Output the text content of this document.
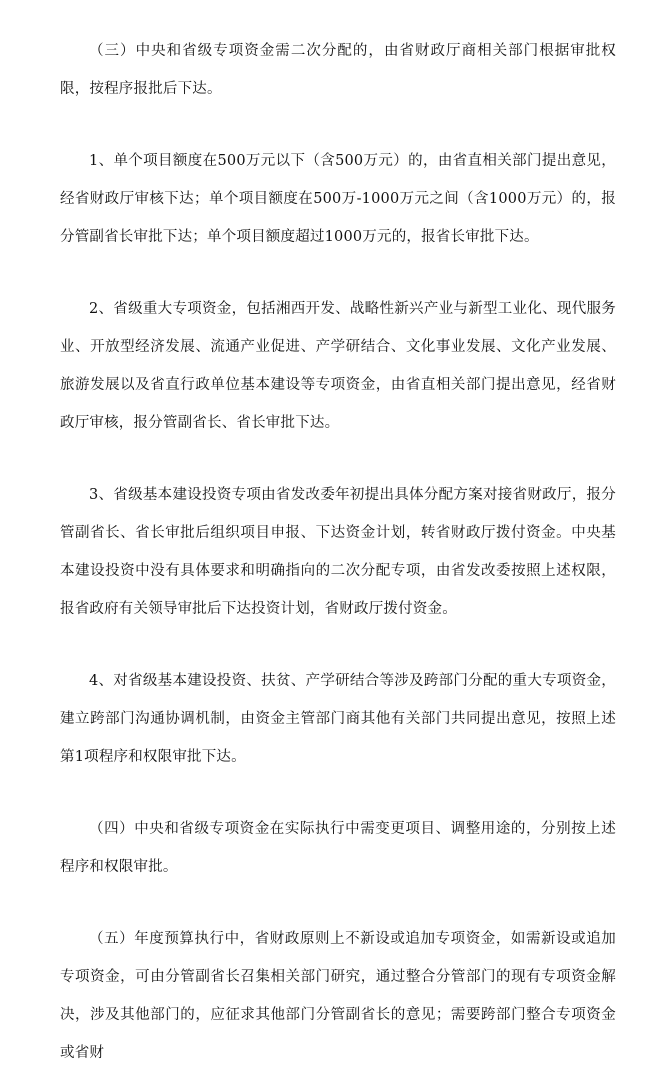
（三）中央和省级专项资金需二次分配的，由省财政厅商相关部门根据审批权限，按程序报批后下达。

1、单个项目额度在500万元以下（含500万元）的，由省直相关部门提出意见，经省财政厅审核下达；单个项目额度在500万-1000万元之间（含1000万元）的，报分管副省长审批下达；单个项目额度超过1000万元的，报省长审批下达。

2、省级重大专项资金，包括湘西开发、战略性新兴产业与新型工业化、现代服务业、开放型经济发展、流通产业促进、产学研结合、文化事业发展、文化产业发展、旅游发展以及省直行政单位基本建设等专项资金，由省直相关部门提出意见，经省财政厅审核，报分管副省长、省长审批下达。

3、省级基本建设投资专项由省发改委年初提出具体分配方案对接省财政厅，报分管副省长、省长审批后组织项目申报、下达资金计划，转省财政厅拨付资金。中央基本建设投资中没有具体要求和明确指向的二次分配专项，由省发改委按照上述权限，报省政府有关领导审批后下达投资计划，省财政厅拨付资金。

4、对省级基本建设投资、扶贫、产学研结合等涉及跨部门分配的重大专项资金，建立跨部门沟通协调机制，由资金主管部门商其他有关部门共同提出意见，按照上述第1项程序和权限审批下达。

（四）中央和省级专项资金在实际执行中需变更项目、调整用途的，分别按上述程序和权限审批。

（五）年度预算执行中，省财政原则上不新设或追加专项资金，如需新设或追加专项资金，可由分管副省长召集相关部门研究，通过整合分管部门的现有专项资金解决，涉及其他部门的，应征求其他部门分管副省长的意见；需要跨部门整合专项资金或省财
